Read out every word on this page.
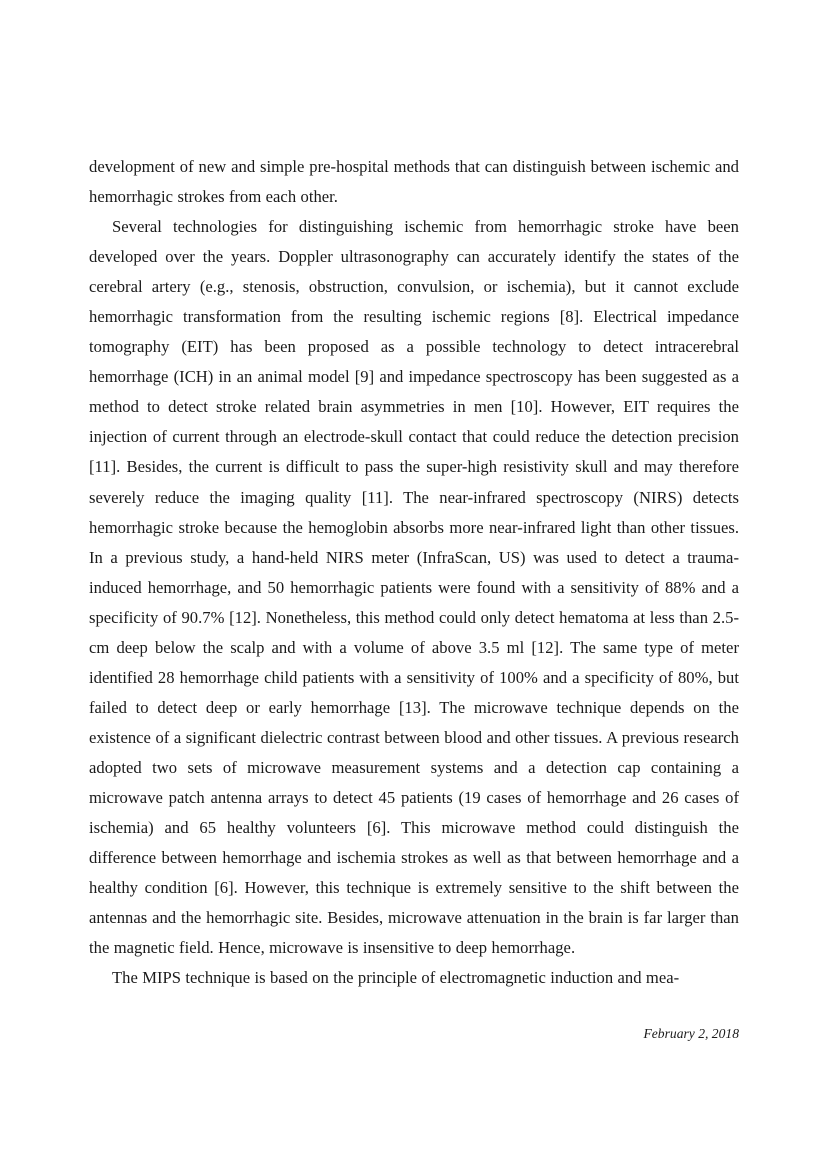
development of new and simple pre-hospital methods that can distinguish between ischemic and hemorrhagic strokes from each other.

Several technologies for distinguishing ischemic from hemorrhagic stroke have been developed over the years. Doppler ultrasonography can accurately identify the states of the cerebral artery (e.g., stenosis, obstruction, convulsion, or ischemia), but it cannot exclude hemorrhagic transformation from the resulting ischemic regions [8]. Electrical impedance tomography (EIT) has been proposed as a possible technology to detect intracerebral hemorrhage (ICH) in an animal model [9] and impedance spectroscopy has been suggested as a method to detect stroke related brain asymmetries in men [10]. However, EIT requires the injection of current through an electrode-skull contact that could reduce the detection precision [11]. Besides, the current is difficult to pass the super-high resistivity skull and may therefore severely reduce the imaging quality [11]. The near-infrared spectroscopy (NIRS) detects hemorrhagic stroke because the hemoglobin absorbs more near-infrared light than other tissues. In a previous study, a hand-held NIRS meter (InfraScan, US) was used to detect a trauma-induced hemorrhage, and 50 hemorrhagic patients were found with a sensitivity of 88% and a specificity of 90.7% [12]. Nonetheless, this method could only detect hematoma at less than 2.5-cm deep below the scalp and with a volume of above 3.5 ml [12]. The same type of meter identified 28 hemorrhage child patients with a sensitivity of 100% and a specificity of 80%, but failed to detect deep or early hemorrhage [13]. The microwave technique depends on the existence of a significant dielectric contrast between blood and other tissues. A previous research adopted two sets of microwave measurement systems and a detection cap containing a microwave patch antenna arrays to detect 45 patients (19 cases of hemorrhage and 26 cases of ischemia) and 65 healthy volunteers [6]. This microwave method could distinguish the difference between hemorrhage and ischemia strokes as well as that between hemorrhage and a healthy condition [6]. However, this technique is extremely sensitive to the shift between the antennas and the hemorrhagic site. Besides, microwave attenuation in the brain is far larger than the magnetic field. Hence, microwave is insensitive to deep hemorrhage.

The MIPS technique is based on the principle of electromagnetic induction and mea-

February 2, 2018
